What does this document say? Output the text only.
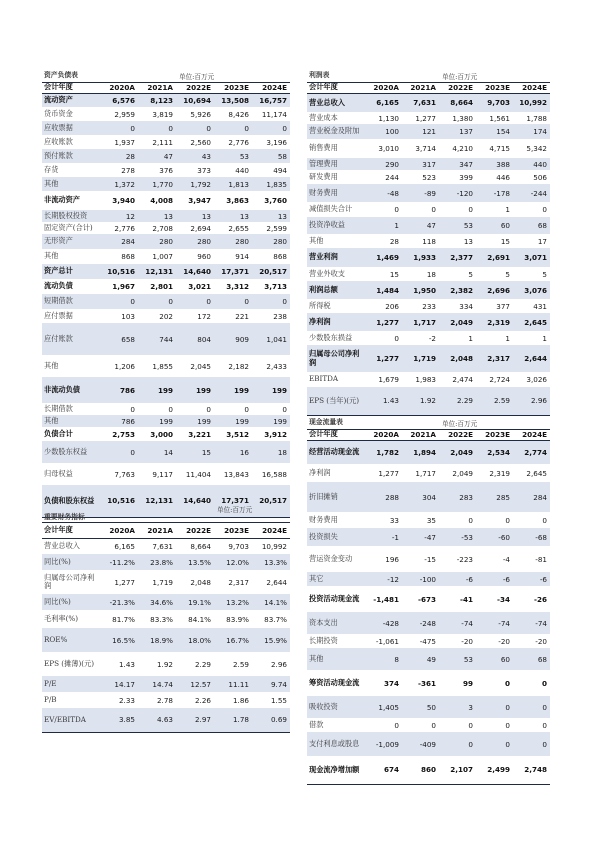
资产负债表			单位:百万元		
会计年度	2020A	2021A	2022E	2023E	2024E
流动资产	6,576	8,123	10,694	13,508	16,757
货币资金	2,959	3,819	5,926	8,426	11,174
应收票据	0	0	0	0	0
应收账款	1,937	2,111	2,560	2,776	3,196
预付账款	28	47	43	53	58
存货	278	376	373	440	494
其他	1,372	1,770	1,792	1,813	1,835
非流动资产	3,940	4,008	3,947	3,863	3,760
长期股权投资	12	13	13	13	13
固定资产(合计)	2,776	2,708	2,694	2,655	2,599
无形资产	284	280	280	280	280
其他	868	1,007	960	914	868
资产总计	10,516	12,131	14,640	17,371	20,517
流动负债	1,967	2,801	3,021	3,312	3,713
短期借款	0	0	0	0	0
应付票据	103	202	172	221	238
应付账款	658	744	804	909	1,041
其他	1,206	1,855	2,045	2,182	2,433
非流动负债	786	199	199	199	199
长期借款	0	0	0	0	0
其他	786	199	199	199	199
负债合计	2,753	3,000	3,221	3,512	3,912
少数股东权益	0	14	15	16	18
归母权益	7,763	9,117	11,404	13,843	16,588
负债和股东权益	10,516	12,131	14,640	17,371	20,517
重要财务指标				单位:百万元	
会计年度	2020A	2021A	2022E	2023E	2024E
营业总收入	6,165	7,631	8,664	9,703	10,992
同比(%)	-11.2%	23.8%	13.5%	12.0%	13.3%
归属母公司净利润	1,277	1,719	2,048	2,317	2,644
同比(%)	-21.3%	34.6%	19.1%	13.2%	14.1%
毛利率(%)	81.7%	83.3%	84.1%	83.9%	83.7%
ROE%	16.5%	18.9%	18.0%	16.7%	15.9%
EPS (摊薄)(元)	1.43	1.92	2.29	2.59	2.96
P/E	14.17	14.74	12.57	11.11	9.74
P/B	2.33	2.78	2.26	1.86	1.55
EV/EBITDA	3.85	4.63	2.97	1.78	0.69
利润表			单位:百万元		
会计年度	2020A	2021A	2022E	2023E	2024E
营业总收入	6,165	7,631	8,664	9,703	10,992
营业成本	1,130	1,277	1,380	1,561	1,788
营业税金及附加	100	121	137	154	174
销售费用	3,010	3,714	4,210	4,715	5,342
管理费用	290	317	347	388	440
研发费用	244	523	399	446	506
财务费用	-48	-89	-120	-178	-244
减值损失合计	0	0	0	1	0
投资净收益	1	47	53	60	68
其他	28	118	13	15	17
营业利润	1,469	1,933	2,377	2,691	3,071
营业外收支	15	18	5	5	5
利润总额	1,484	1,950	2,382	2,696	3,076
所得税	206	233	334	377	431
净利润	1,277	1,717	2,049	2,319	2,645
少数股东损益	0	-2	1	1	1
归属母公司净利润	1,277	1,719	2,048	2,317	2,644
EBITDA	1,679	1,983	2,474	2,724	3,026
EPS (当年)(元)	1.43	1.92	2.29	2.59	2.96
现金流量表			单位:百万元		
会计年度	2020A	2021A	2022E	2023E	2024E
经营活动现金流	1,782	1,894	2,049	2,534	2,774
净利润	1,277	1,717	2,049	2,319	2,645
折旧摊销	288	304	283	285	284
财务费用	33	35	0	0	0
投资损失	-1	-47	-53	-60	-68
营运资金变动	196	-15	-223	-4	-81
其它	-12	-100	-6	-6	-6
投资活动现金流	-1,481	-673	-41	-34	-26
资本支出	-428	-248	-74	-74	-74
长期投资	-1,061	-475	-20	-20	-20
其他	8	49	53	60	68
筹资活动现金流	374	-361	99	0	0
吸收投资	1,405	50	3	0	0
借款	0	0	0	0	0
支付利息或股息	-1,009	-409	0	0	0
现金流净增加额	674	860	2,107	2,499	2,748
